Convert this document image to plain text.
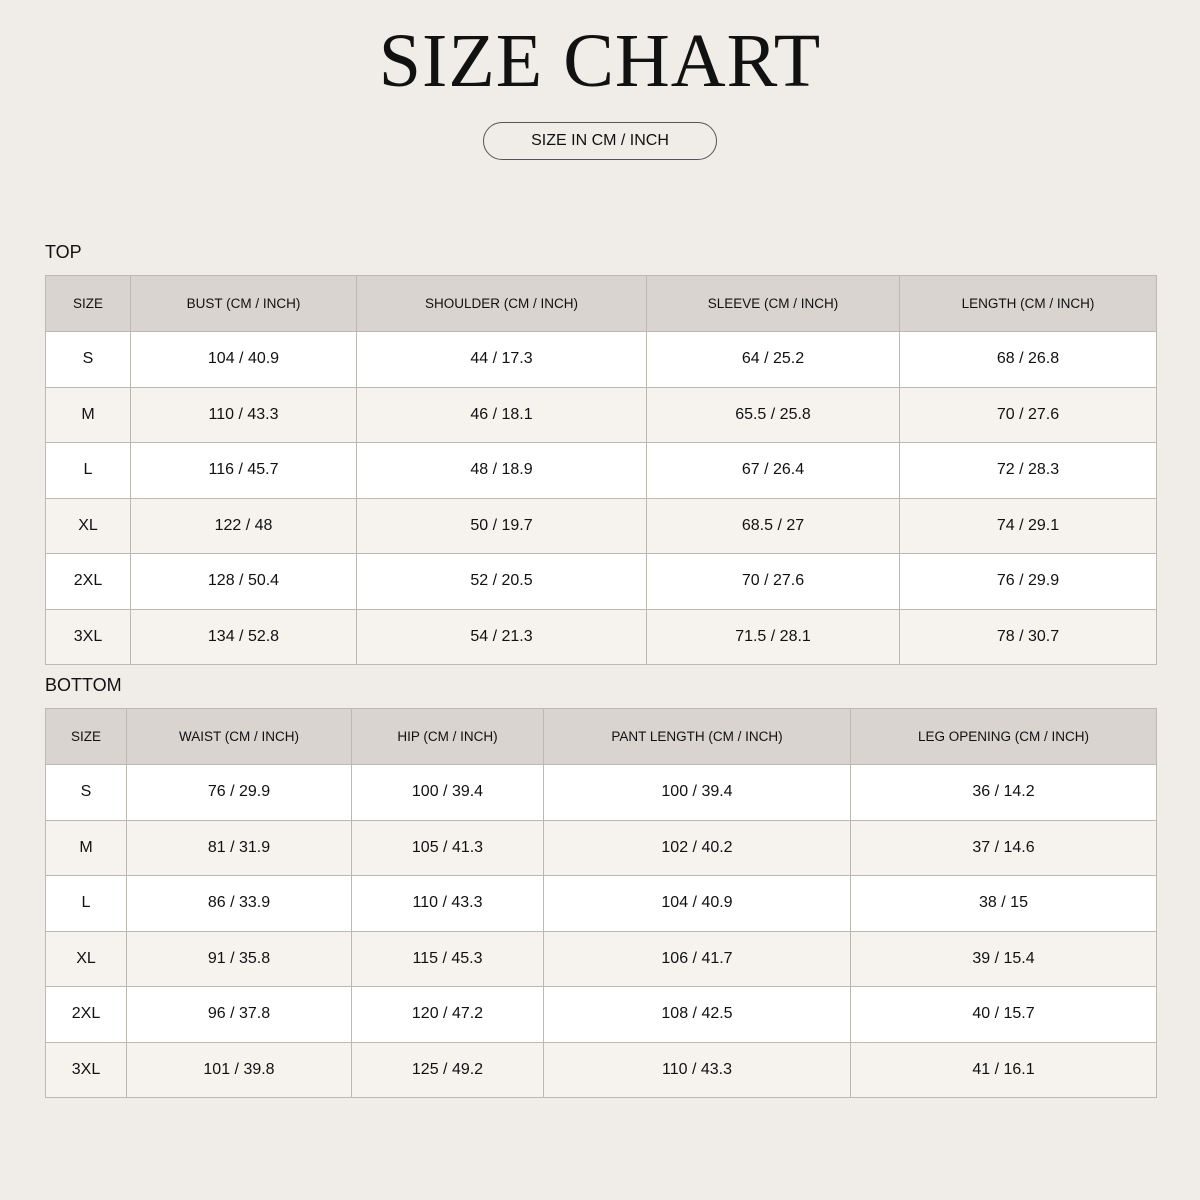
SIZE CHART
SIZE IN CM / INCH
TOP
SIZE	BUST (CM / INCH)	SHOULDER (CM / INCH)	SLEEVE (CM / INCH)	LENGTH (CM / INCH)
S	104 / 40.9	44 / 17.3	64 / 25.2	68 / 26.8
M	110 / 43.3	46 / 18.1	65.5 / 25.8	70 / 27.6
L	116 / 45.7	48 / 18.9	67 / 26.4	72 / 28.3
XL	122 / 48	50 / 19.7	68.5 / 27	74 / 29.1
2XL	128 / 50.4	52 / 20.5	70 / 27.6	76 / 29.9
3XL	134 / 52.8	54 / 21.3	71.5 / 28.1	78 / 30.7
BOTTOM
SIZE	WAIST (CM / INCH)	HIP (CM / INCH)	PANT LENGTH (CM / INCH)	LEG OPENING (CM / INCH)
S	76 / 29.9	100 / 39.4	100 / 39.4	36 / 14.2
M	81 / 31.9	105 / 41.3	102 / 40.2	37 / 14.6
L	86 / 33.9	110 / 43.3	104 / 40.9	38 / 15
XL	91 / 35.8	115 / 45.3	106 / 41.7	39 / 15.4
2XL	96 / 37.8	120 / 47.2	108 / 42.5	40 / 15.7
3XL	101 / 39.8	125 / 49.2	110 / 43.3	41 / 16.1
